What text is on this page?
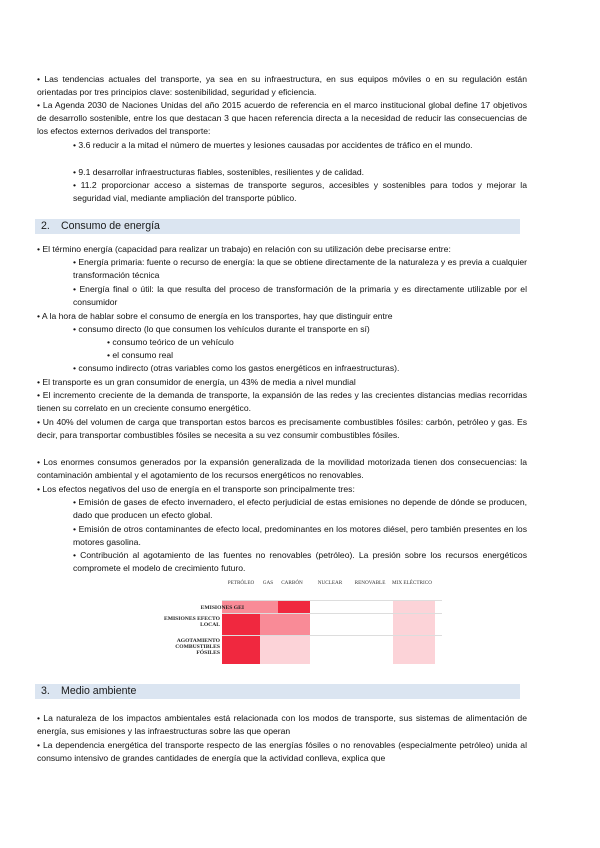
• Las tendencias actuales del transporte, ya sea en su infraestructura, en sus equipos móviles o en su regulación están orientadas por tres principios clave: sostenibilidad, seguridad y eficiencia.
• La Agenda 2030 de Naciones Unidas del año 2015 acuerdo de referencia en el marco institucional global define 17 objetivos de desarrollo sostenible, entre los que destacan 3 que hacen referencia directa a la necesidad de reducir las consecuencias de los efectos externos derivados del transporte:
• 3.6 reducir a la mitad el número de muertes y lesiones causadas por accidentes de tráfico en el mundo.
• 9.1 desarrollar infraestructuras fiables, sostenibles, resilientes y de calidad.
• 11.2 proporcionar acceso a sistemas de transporte seguros, accesibles y sostenibles para todos y mejorar la seguridad vial, mediante ampliación del transporte público.
2. Consumo de energía
• El término energía (capacidad para realizar un trabajo) en relación con su utilización debe precisarse entre:
• Energía primaria: fuente o recurso de energía: la que se obtiene directamente de la naturaleza y es previa a cualquier transformación técnica
• Energía final o útil: la que resulta del proceso de transformación de la primaria y es directamente utilizable por el consumidor
• A la hora de hablar sobre el consumo de energía en los transportes, hay que distinguir entre
• consumo directo (lo que consumen los vehículos durante el transporte en sí)
• consumo teórico de un vehículo
• el consumo real
• consumo indirecto (otras variables como los gastos energéticos en infraestructuras).
• El transporte es un gran consumidor de energía, un 43% de media a nivel mundial
• El incremento creciente de la demanda de transporte, la expansión de las redes y las crecientes distancias medias recorridas tienen su correlato en un creciente consumo energético.
• Un 40% del volumen de carga que transportan estos barcos es precisamente combustibles fósiles: carbón, petróleo y gas. Es decir, para transportar combustibles fósiles se necesita a su vez consumir combustibles fósiles.
• Los enormes consumos generados por la expansión generalizada de la movilidad motorizada tienen dos consecuencias: la contaminación ambiental y el agotamiento de los recursos energéticos no renovables.
• Los efectos negativos del uso de energía en el transporte son principalmente tres:
• Emisión de gases de efecto invernadero, el efecto perjudicial de estas emisiones no depende de dónde se producen, dado que producen un efecto global.
• Emisión de otros contaminantes de efecto local, predominantes en los motores diésel, pero también presentes en los motores gasolina.
• Contribución al agotamiento de las fuentes no renovables (petróleo). La presión sobre los recursos energéticos compromete el modelo de crecimiento futuro.
PETRÓLEO	GAS	CARBÓN	NUCLEAR	RENOVABLE	MIX ELÉCTRICO
EMISIONES GEI
EMISIONES EFECTO LOCAL
AGOTAMIENTO COMBUSTIBLES FÓSILES
3. Medio ambiente
• La naturaleza de los impactos ambientales está relacionada con los modos de transporte, sus sistemas de alimentación de energía, sus emisiones y las infraestructuras sobre las que operan
• La dependencia energética del transporte respecto de las energías fósiles o no renovables (especialmente petróleo) unida al consumo intensivo de grandes cantidades de energía que la actividad conlleva, explica que
